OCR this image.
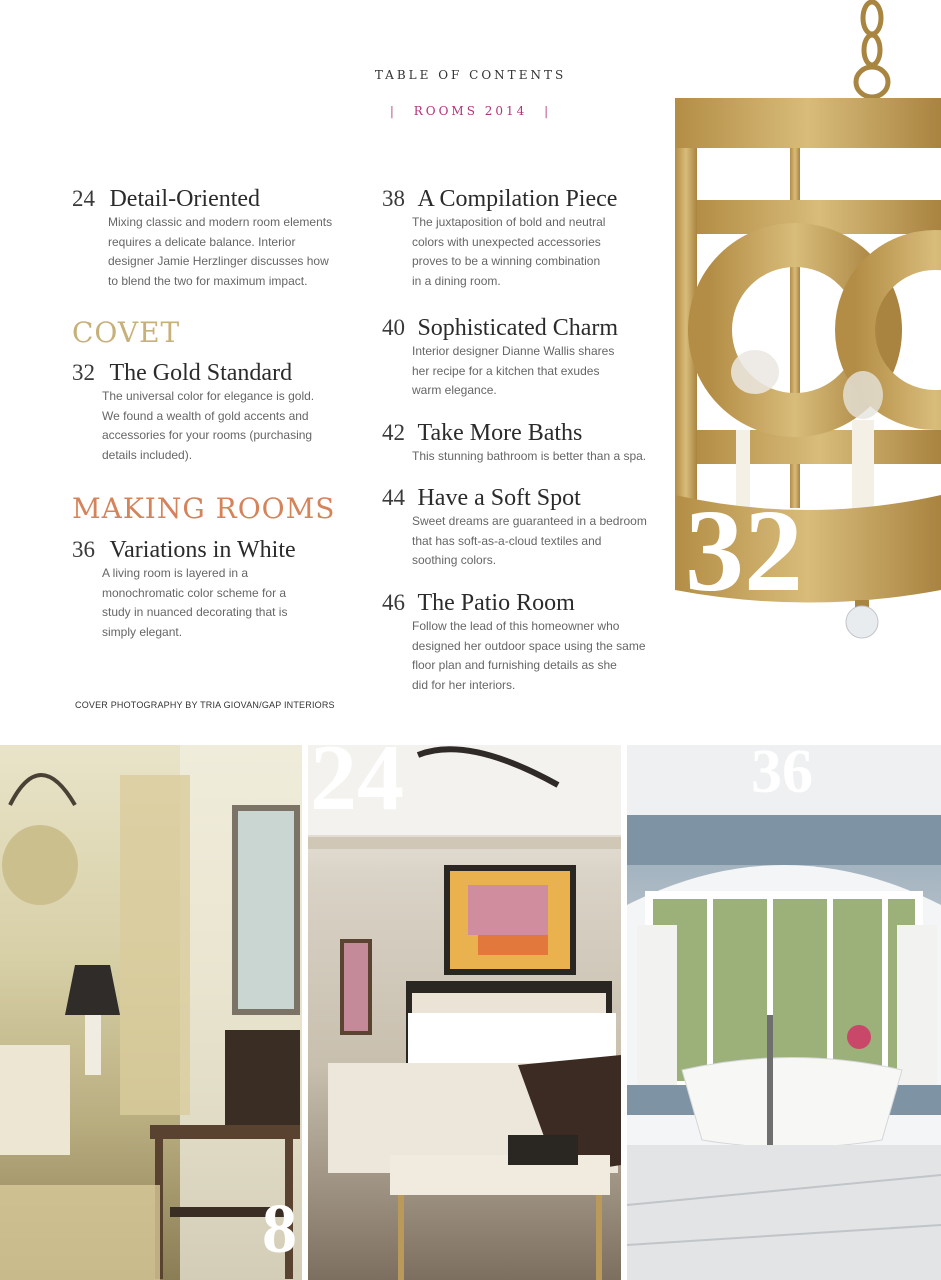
TABLE OF CONTENTS
| ROOMS 2014 |
24 Detail-Oriented
Mixing classic and modern room elements
requires a delicate balance. Interior
designer Jamie Herzlinger discusses how
to blend the two for maximum impact.
COVET
32 The Gold Standard
The universal color for elegance is gold.
We found a wealth of gold accents and
accessories for your rooms (purchasing
details included).
MAKING ROOMS
36 Variations in White
A living room is layered in a
monochromatic color scheme for a
study in nuanced decorating that is
simply elegant.
38 A Compilation Piece
The juxtaposition of bold and neutral
colors with unexpected accessories
proves to be a winning combination
in a dining room.
40 Sophisticated Charm
Interior designer Dianne Wallis shares
her recipe for a kitchen that exudes
warm elegance.
42 Take More Baths
This stunning bathroom is better than a spa.
44 Have a Soft Spot
Sweet dreams are guaranteed in a bedroom
that has soft-as-a-cloud textiles and
soothing colors.
46 The Patio Room
Follow the lead of this homeowner who
designed her outdoor space using the same
floor plan and furnishing details as she
did for her interiors.
COVER PHOTOGRAPHY BY TRIA GIOVAN/GAP INTERIORS
32
8
24	36
